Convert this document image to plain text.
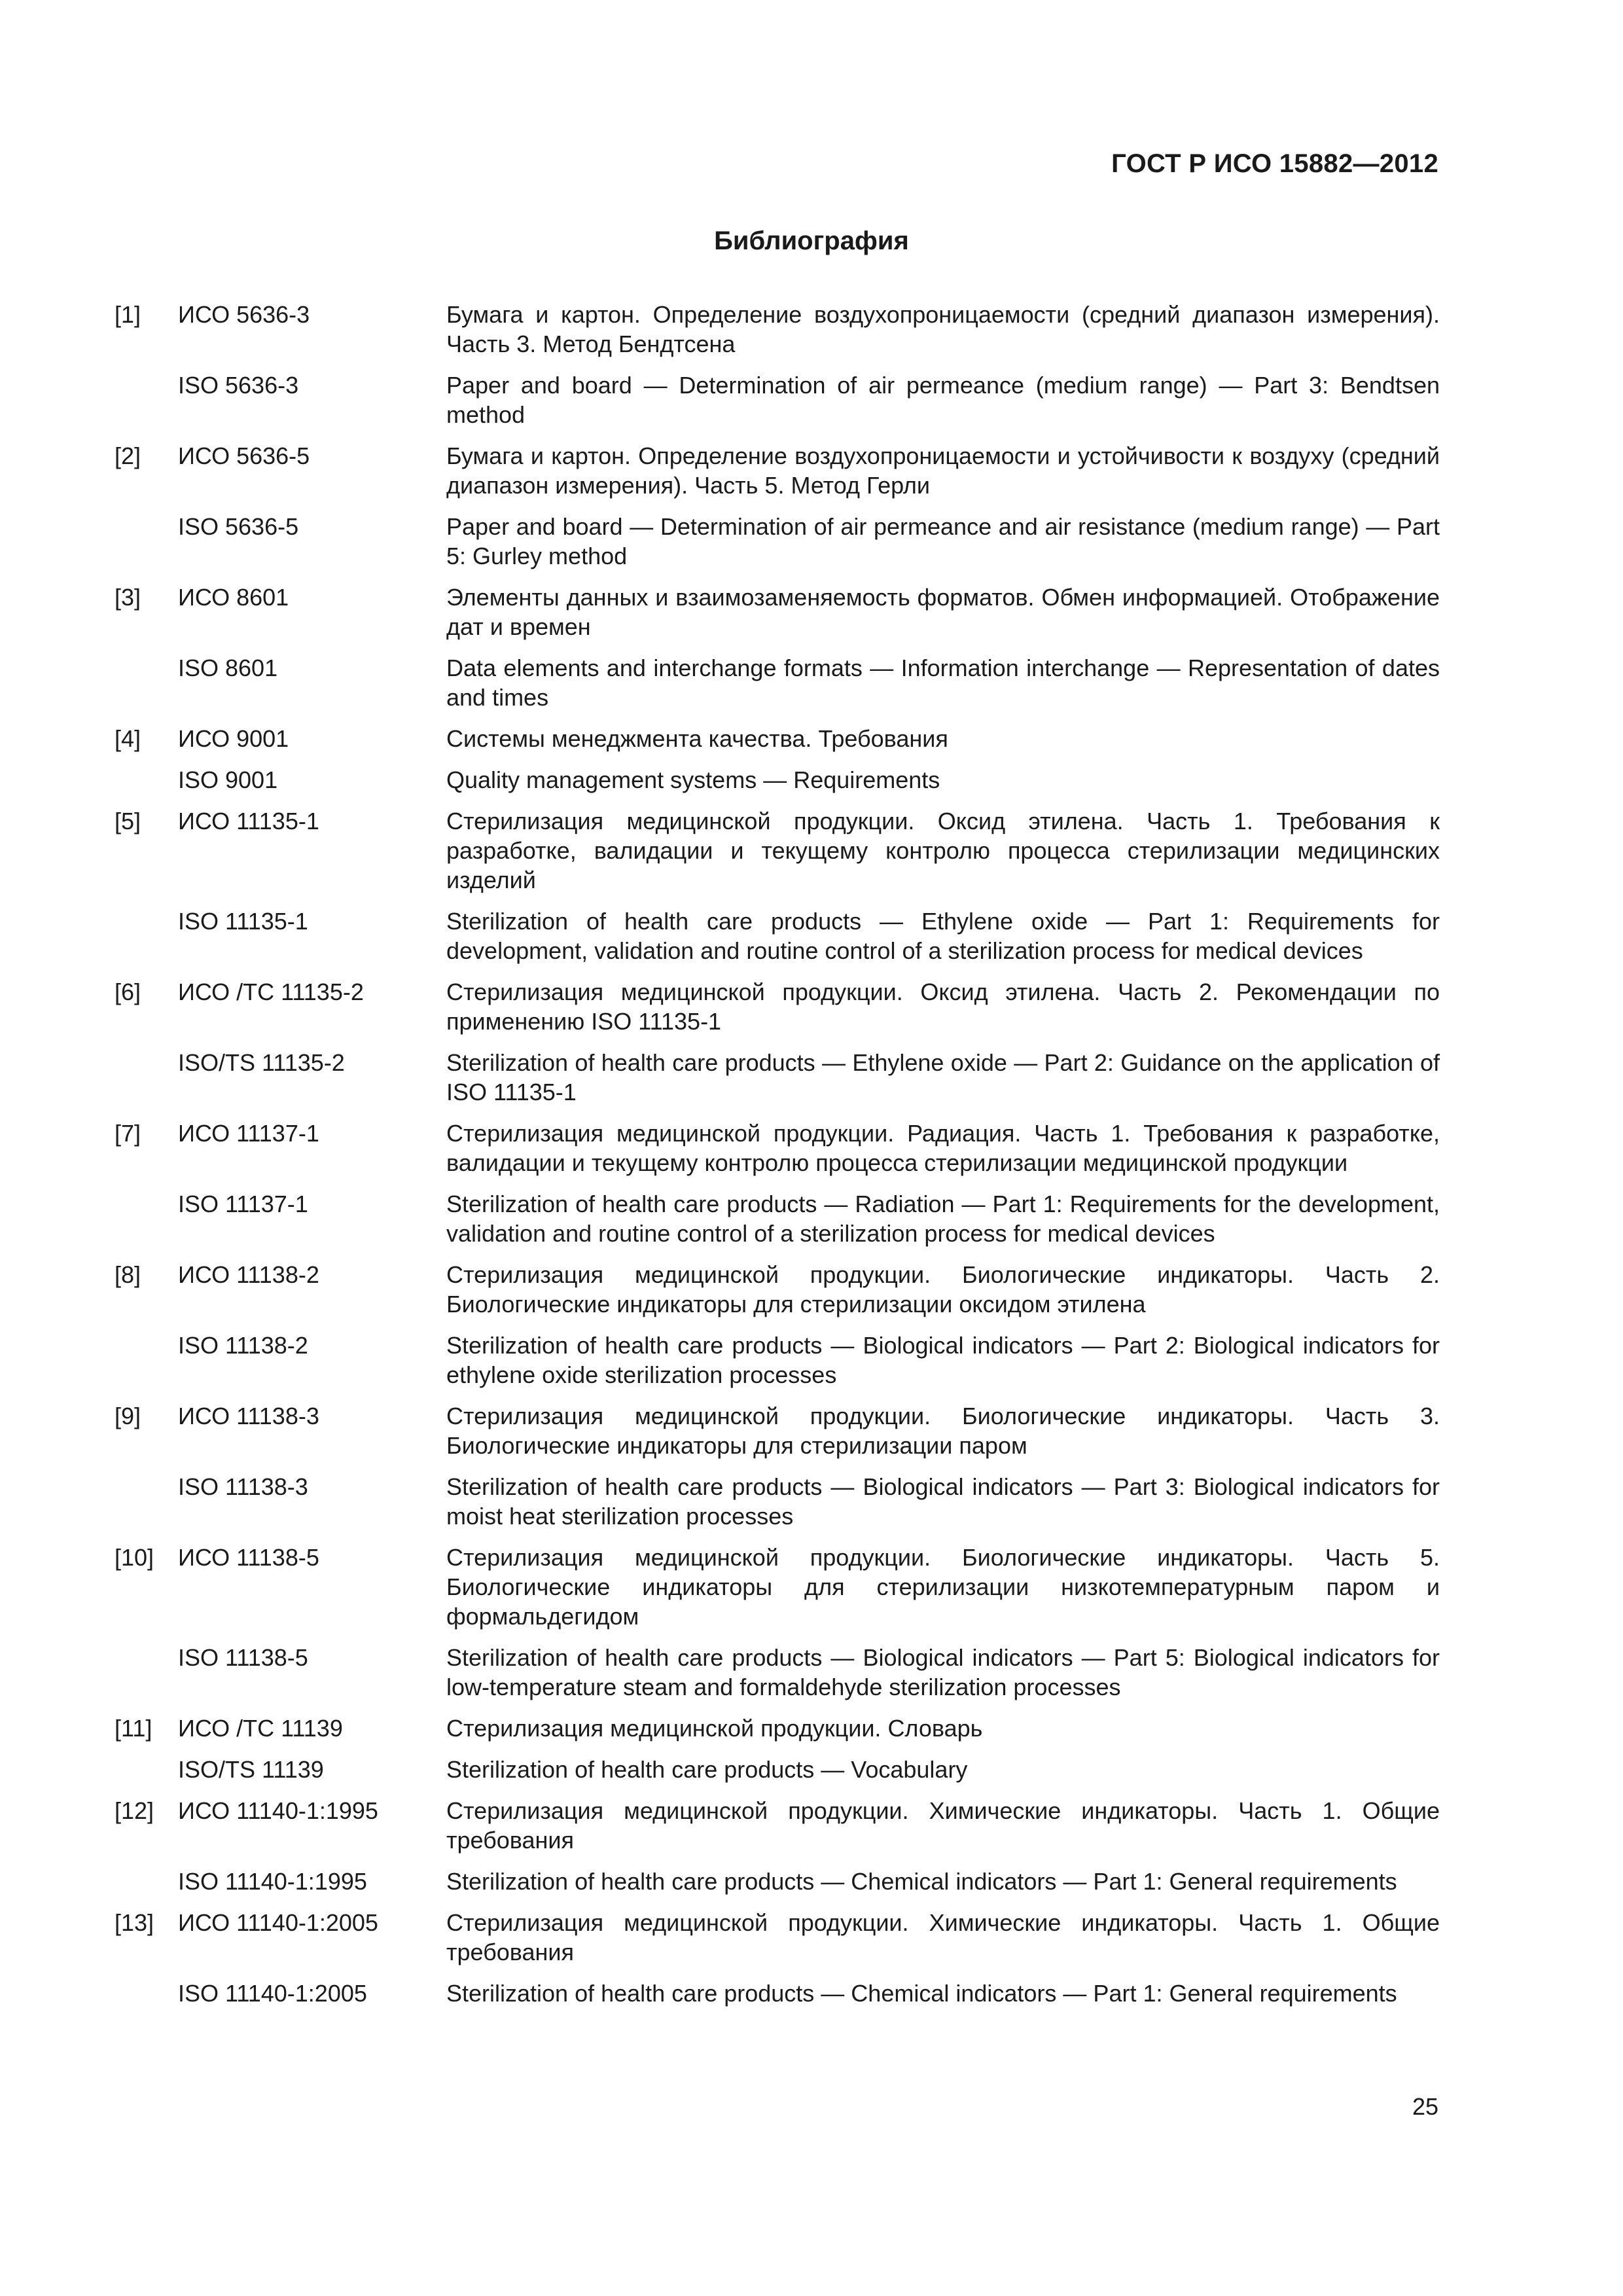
ГОСТ Р ИСО 15882—2012
Библиография
[1]	ИСО 5636-3	Бумага и картон. Определение воздухопроницаемости (средний диапазон измерения). Часть 3. Метод Бендтсена
ISO 5636-3	Paper and board — Determination of air permeance (medium range) — Part 3: Bendtsen method
[2]	ИСО 5636-5	Бумага и картон. Определение воздухопроницаемости и устойчивости к воздуху (средний диапазон измерения). Часть 5. Метод Герли
ISO 5636-5	Paper and board — Determination of air permeance and air resistance (medium range) — Part 5: Gurley method
[3]	ИСО 8601	Элементы данных и взаимозаменяемость форматов. Обмен информацией. Отображение дат и времен
ISO 8601	Data elements and interchange formats — Information interchange — Representation of dates and times
[4]	ИСО 9001	Системы менеджмента качества. Требования
ISO 9001	Quality management systems — Requirements
[5]	ИСО 11135-1	Стерилизация медицинской продукции. Оксид этилена. Часть 1. Требования к разработке, валидации и текущему контролю процесса стерилизации медицинских изделий
ISO 11135-1	Sterilization of health care products — Ethylene oxide — Part 1: Requirements for development, validation and routine control of a sterilization process for medical devices
[6]	ИСО /ТС 11135-2	Стерилизация медицинской продукции. Оксид этилена. Часть 2. Рекомендации по применению ISO 11135-1
ISO/TS 11135-2	Sterilization of health care products — Ethylene oxide — Part 2: Guidance on the application of ISO 11135-1
[7]	ИСО 11137-1	Стерилизация медицинской продукции. Радиация. Часть 1. Требования к разработке, валидации и текущему контролю процесса стерилизации медицинской продукции
ISO 11137-1	Sterilization of health care products — Radiation — Part 1: Requirements for the development, validation and routine control of a sterilization process for medical devices
[8]	ИСО 11138-2	Стерилизация медицинской продукции. Биологические индикаторы. Часть 2. Биологические индикаторы для стерилизации оксидом этилена
ISO 11138-2	Sterilization of health care products — Biological indicators — Part 2: Biological indicators for ethylene oxide sterilization processes
[9]	ИСО 11138-3	Стерилизация медицинской продукции. Биологические индикаторы. Часть 3. Биологические индикаторы для стерилизации паром
ISO 11138-3	Sterilization of health care products — Biological indicators — Part 3: Biological indicators for moist heat sterilization processes
[10]	ИСО 11138-5	Стерилизация медицинской продукции. Биологические индикаторы. Часть 5. Биологические индикаторы для стерилизации низкотемпературным паром и формальдегидом
ISO 11138-5	Sterilization of health care products — Biological indicators — Part 5: Biological indicators for low-temperature steam and formaldehyde sterilization processes
[11]	ИСО /ТС 11139	Стерилизация медицинской продукции. Словарь
ISO/TS 11139	Sterilization of health care products — Vocabulary
[12]	ИСО 11140-1:1995	Стерилизация медицинской продукции. Химические индикаторы. Часть 1. Общие требования
ISO 11140-1:1995	Sterilization of health care products — Chemical indicators — Part 1: General requirements
[13]	ИСО 11140-1:2005	Стерилизация медицинской продукции. Химические индикаторы. Часть 1. Общие требования
ISO 11140-1:2005	Sterilization of health care products — Chemical indicators — Part 1: General requirements
25
